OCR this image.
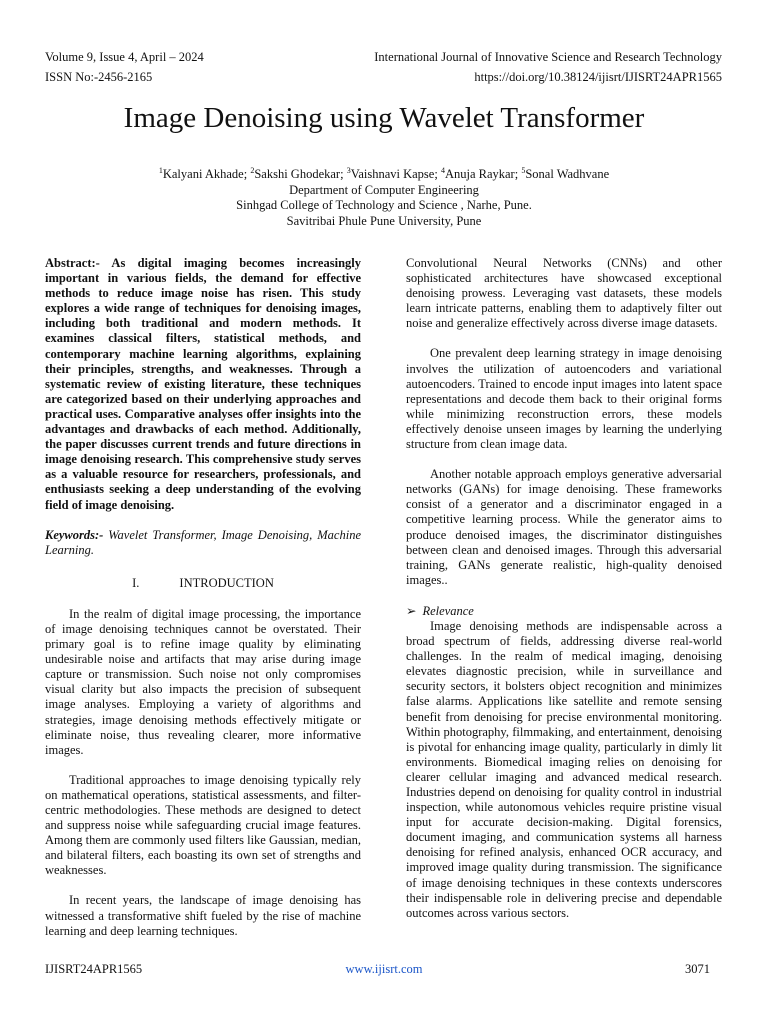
Volume 9, Issue 4, April – 2024
ISSN No:-2456-2165
International Journal of Innovative Science and Research Technology
https://doi.org/10.38124/ijisrt/IJISRT24APR1565
Image Denoising using Wavelet Transformer
$^1$Kalyani Akhade; $^2$Sakshi Ghodekar; $^3$Vaishnavi Kapse; $^4$Anuja Raykar; $^5$Sonal Wadhvane
Department of Computer Engineering
Sinhgad College of Technology and Science , Narhe, Pune.
Savitribai Phule Pune University, Pune

Abstract:- As digital imaging becomes increasingly important in various fields, the demand for effective methods to reduce image noise has risen. This study explores a wide range of techniques for denoising images, including both traditional and modern methods. It examines classical filters, statistical methods, and contemporary machine learning algorithms, explaining their principles, strengths, and weaknesses. Through a systematic review of existing literature, these techniques are categorized based on their underlying approaches and practical uses. Comparative analyses offer insights into the advantages and drawbacks of each method. Additionally, the paper discusses current trends and future directions in image denoising research. This comprehensive study serves as a valuable resource for researchers, professionals, and enthusiasts seeking a deep understanding of the evolving field of image denoising.

Keywords:- Wavelet Transformer, Image Denoising, Machine Learning.

I.	INTRODUCTION

In the realm of digital image processing, the importance of image denoising techniques cannot be overstated. Their primary goal is to refine image quality by eliminating undesirable noise and artifacts that may arise during image capture or transmission. Such noise not only compromises visual clarity but also impacts the precision of subsequent image analyses. Employing a variety of algorithms and strategies, image denoising methods effectively mitigate or eliminate noise, thus revealing clearer, more informative images.

Traditional approaches to image denoising typically rely on mathematical operations, statistical assessments, and filter-centric methodologies. These methods are designed to detect and suppress noise while safeguarding crucial image features. Among them are commonly used filters like Gaussian, median, and bilateral filters, each boasting its own set of strengths and weaknesses.

In recent years, the landscape of image denoising has witnessed a transformative shift fueled by the rise of machine learning and deep learning techniques.

Convolutional Neural Networks (CNNs) and other sophisticated architectures have showcased exceptional denoising prowess. Leveraging vast datasets, these models learn intricate patterns, enabling them to adaptively filter out noise and generalize effectively across diverse image datasets.

One prevalent deep learning strategy in image denoising involves the utilization of autoencoders and variational autoencoders. Trained to encode input images into latent space representations and decode them back to their original forms while minimizing reconstruction errors, these models effectively denoise unseen images by learning the underlying structure from clean image data.

Another notable approach employs generative adversarial networks (GANs) for image denoising. These frameworks consist of a generator and a discriminator engaged in a competitive learning process. While the generator aims to produce denoised images, the discriminator distinguishes between clean and denoised images. Through this adversarial training, GANs generate realistic, high-quality denoised images..

➢ Relevance

Image denoising methods are indispensable across a broad spectrum of fields, addressing diverse real-world challenges. In the realm of medical imaging, denoising elevates diagnostic precision, while in surveillance and security sectors, it bolsters object recognition and minimizes false alarms. Applications like satellite and remote sensing benefit from denoising for precise environmental monitoring. Within photography, filmmaking, and entertainment, denoising is pivotal for enhancing image quality, particularly in dimly lit environments. Biomedical imaging relies on denoising for clearer cellular imaging and advanced medical research. Industries depend on denoising for quality control in industrial inspection, while autonomous vehicles require pristine visual input for accurate decision-making. Digital forensics, document imaging, and communication systems all harness denoising for refined analysis, enhanced OCR accuracy, and improved image quality during transmission. The significance of image denoising techniques in these contexts underscores their indispensable role in delivering precise and dependable outcomes across various sectors.

IJISRT24APR1565	www.ijisrt.com	3071
